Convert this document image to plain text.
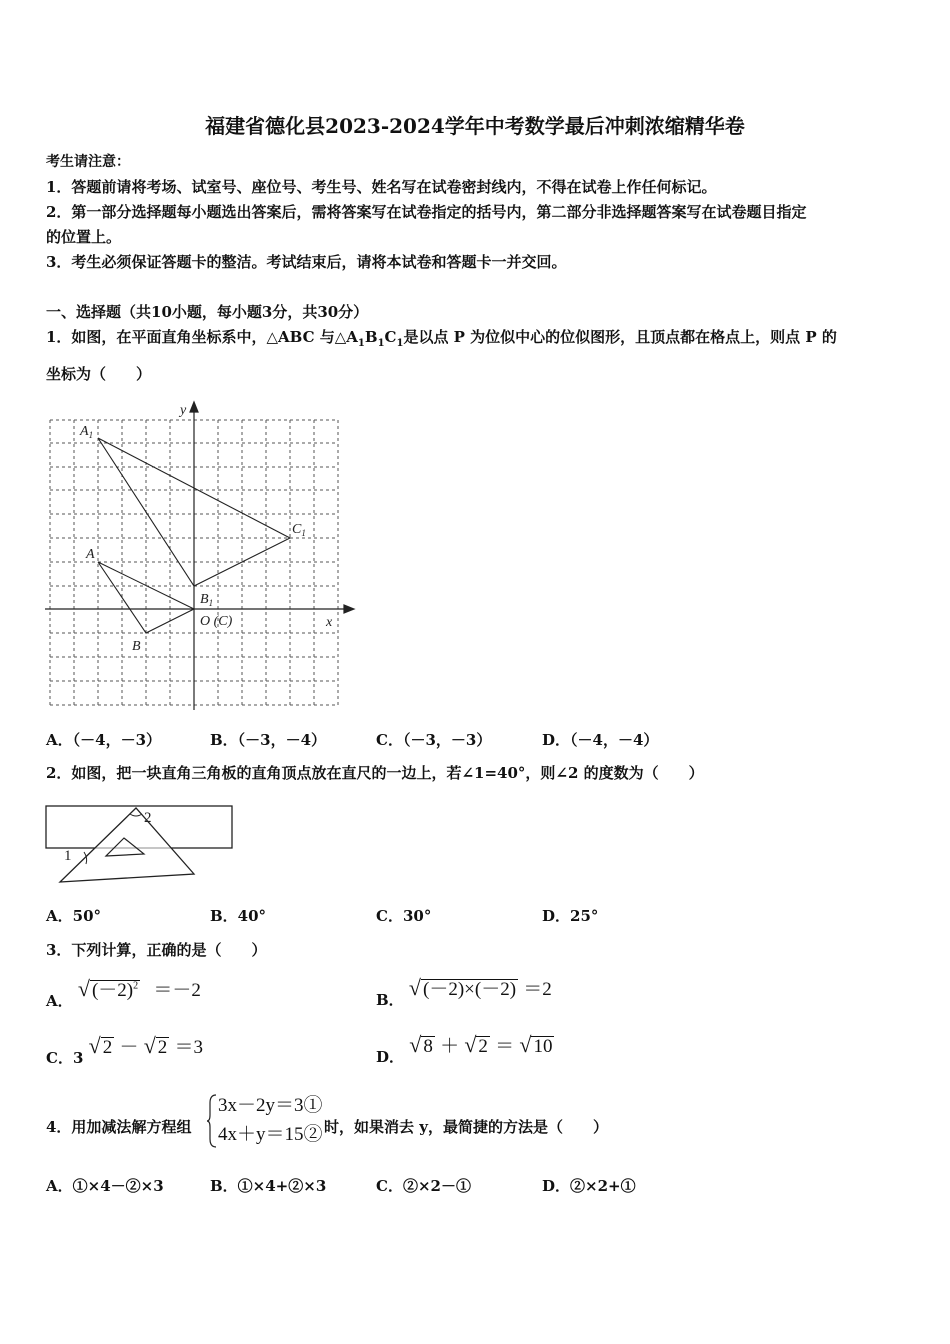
福建省德化县2023-2024学年中考数学最后冲刺浓缩精华卷
考生请注意：
1．答题前请将考场、试室号、座位号、考生号、姓名写在试卷密封线内，不得在试卷上作任何标记。
2．第一部分选择题每小题选出答案后，需将答案写在试卷指定的括号内，第二部分非选择题答案写在试卷题目指定
的位置上。
3．考生必须保证答题卡的整洁。考试结束后，请将本试卷和答题卡一并交回。
一、选择题（共10小题，每小题3分，共30分）
1．如图，在平面直角坐标系中，△ABC 与$\triangle A_1B_1C_1$是以点 P 为位似中心的位似图形，且顶点都在格点上，则点 P 的
坐标为（　　）
$A_1$
$C_1$
A
$B_1$
O (C)
B
x
y
A．（－4，－3）	B．（－3，－4）	C．（－3，－3）	D．（－4，－4）
2．如图，把一块直角三角板的直角顶点放在直尺的一边上，若∠1=40°，则∠2 的度数为（　　）
1
2
A．50°	B．40°	C．30°	D．25°
3．下列计算，正确的是（　　）
A． √ $(-2)^2 =-2$	B． √ (－2)×(－2) ＝2
C．3 √ 2 － √ 2 ＝3	D． √ 8 ＋ √ 2 ＝ √ 10
4．用加减法解方程组
3x－2y＝3①
4x＋y＝15② 时，如果消去 y，最简捷的方法是（　　）
A．①×4－②×3	B．①×4+②×3	C．②×2－①	D．②×2+①
